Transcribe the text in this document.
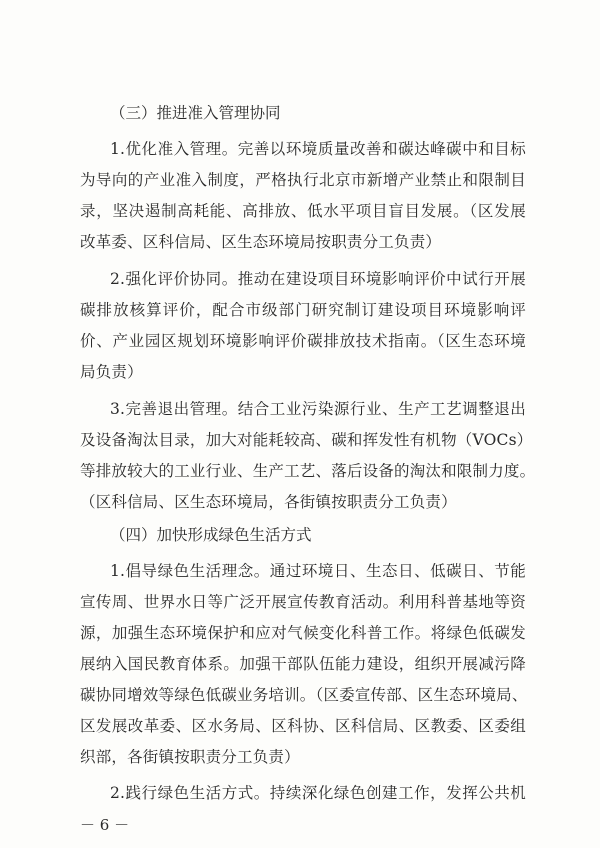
（三）推进准入管理协同
1.优化准入管理。完善以环境质量改善和碳达峰碳中和目标
为导向的产业准入制度，严格执行北京市新增产业禁止和限制目
录，坚决遏制高耗能、高排放、低水平项目盲目发展。（区发展
改革委、区科信局、区生态环境局按职责分工负责）
2.强化评价协同。推动在建设项目环境影响评价中试行开展
碳排放核算评价，配合市级部门研究制订建设项目环境影响评
价、产业园区规划环境影响评价碳排放技术指南。（区生态环境
局负责）
3.完善退出管理。结合工业污染源行业、生产工艺调整退出
及设备淘汰目录，加大对能耗较高、碳和挥发性有机物（VOCs）
等排放较大的工业行业、生产工艺、落后设备的淘汰和限制力度。
（区科信局、区生态环境局，各街镇按职责分工负责）
（四）加快形成绿色生活方式
1.倡导绿色生活理念。通过环境日、生态日、低碳日、节能
宣传周、世界水日等广泛开展宣传教育活动。利用科普基地等资
源，加强生态环境保护和应对气候变化科普工作。将绿色低碳发
展纳入国民教育体系。加强干部队伍能力建设，组织开展减污降
碳协同增效等绿色低碳业务培训。（区委宣传部、区生态环境局、
区发展改革委、区水务局、区科协、区科信局、区教委、区委组
织部，各街镇按职责分工负责）
2.践行绿色生活方式。持续深化绿色创建工作，发挥公共机
－ 6 －
